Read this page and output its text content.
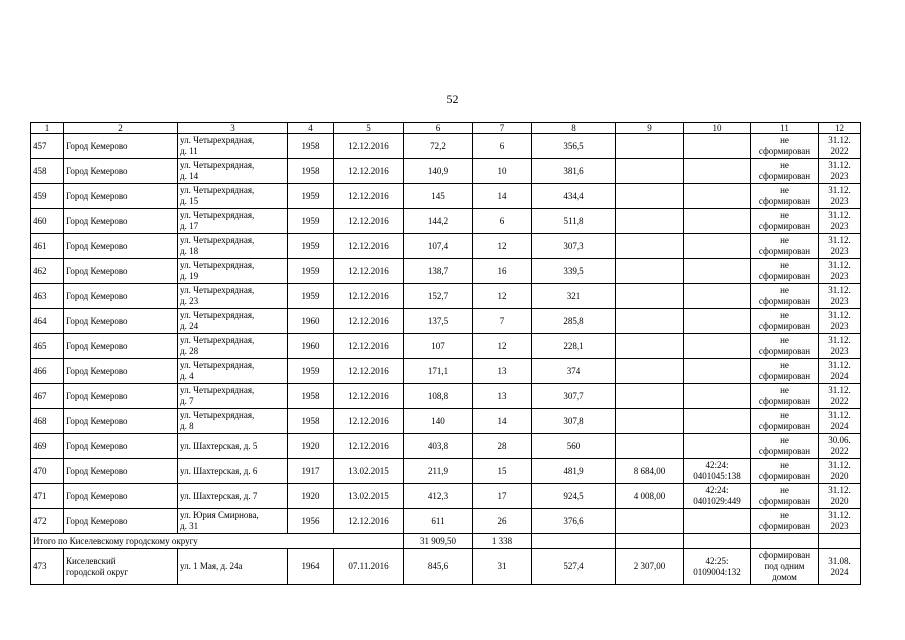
52
1	2	3	4	5	6	7	8	9	10	11	12
457	Город Кемерово	ул. Четырехрядная,
д. 11	1958	12.12.2016	72,2	6	356,5			не
сформирован	31.12.
2022
458	Город Кемерово	ул. Четырехрядная,
д. 14	1958	12.12.2016	140,9	10	381,6			не
сформирован	31.12.
2023
459	Город Кемерово	ул. Четырехрядная,
д. 15	1959	12.12.2016	145	14	434,4			не
сформирован	31.12.
2023
460	Город Кемерово	ул. Четырехрядная,
д. 17	1959	12.12.2016	144,2	6	511,8			не
сформирован	31.12.
2023
461	Город Кемерово	ул. Четырехрядная,
д. 18	1959	12.12.2016	107,4	12	307,3			не
сформирован	31.12.
2023
462	Город Кемерово	ул. Четырехрядная,
д. 19	1959	12.12.2016	138,7	16	339,5			не
сформирован	31.12.
2023
463	Город Кемерово	ул. Четырехрядная,
д. 23	1959	12.12.2016	152,7	12	321			не
сформирован	31.12.
2023
464	Город Кемерово	ул. Четырехрядная,
д. 24	1960	12.12.2016	137,5	7	285,8			не
сформирован	31.12.
2023
465	Город Кемерово	ул. Четырехрядная,
д. 28	1960	12.12.2016	107	12	228,1			не
сформирован	31.12.
2023
466	Город Кемерово	ул. Четырехрядная,
д. 4	1959	12.12.2016	171,1	13	374			не
сформирован	31.12.
2024
467	Город Кемерово	ул. Четырехрядная,
д. 7	1958	12.12.2016	108,8	13	307,7			не
сформирован	31.12.
2022
468	Город Кемерово	ул. Четырехрядная,
д. 8	1958	12.12.2016	140	14	307,8			не
сформирован	31.12.
2024
469	Город Кемерово	ул. Шахтерская, д. 5	1920	12.12.2016	403,8	28	560			не
сформирован	30.06.
2022
470	Город Кемерово	ул. Шахтерская, д. 6	1917	13.02.2015	211,9	15	481,9	8 684,00	42:24:
0401045:138	не
сформирован	31.12.
2020
471	Город Кемерово	ул. Шахтерская, д. 7	1920	13.02.2015	412,3	17	924,5	4 008,00	42:24:
0401029:449	не
сформирован	31.12.
2020
472	Город Кемерово	ул. Юрия Смирнова,
д. 31	1956	12.12.2016	611	26	376,6			не
сформирован	31.12.
2023
Итого по Киселевскому городскому округу					31 909,50	1 338					
473	Киселевский
городской округ	ул. 1 Мая, д. 24а	1964	07.11.2016	845,6	31	527,4	2 307,00	42:25:
0109004:132	сформирован
под одним
домом	31.08.
2024
